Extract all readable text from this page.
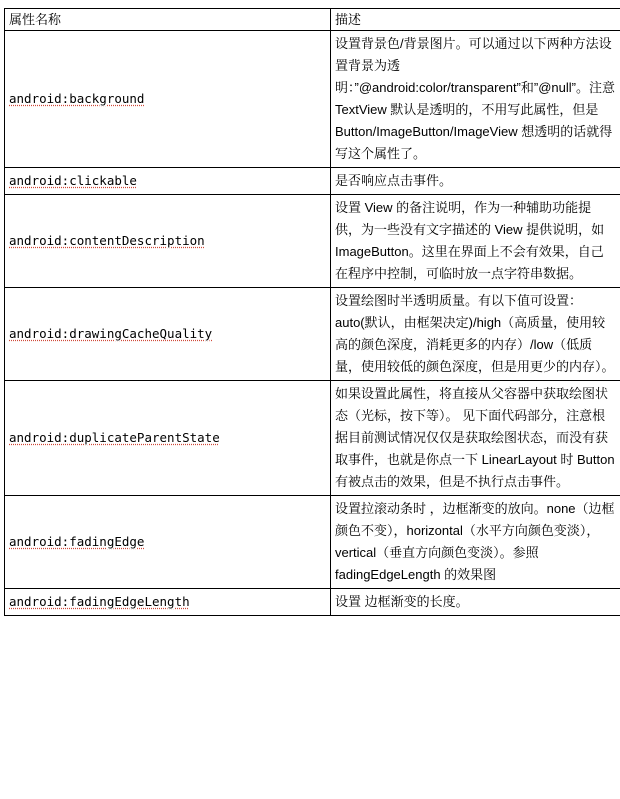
属性名称	描述
android:background	设置背景色/背景图片。可以通过以下两种方法设置背景为透明：”@android:color/transparent”和”@null”。注意 TextView 默认是透明的，不用写此属性，但是 Button/ImageButton/ImageView 想透明的话就得写这个属性了。
android:clickable	是否响应点击事件。
android:contentDescription	设置 View 的备注说明，作为一种辅助功能提供，为一些没有文字描述的 View 提供说明，如 ImageButton。这里在界面上不会有效果，自己在程序中控制，可临时放一点字符串数据。
android:drawingCacheQuality	设置绘图时半透明质量。有以下值可设置：auto(默认，由框架决定)/high（高质量，使用较高的颜色深度，消耗更多的内存）/low（低质量，使用较低的颜色深度，但是用更少的内存）。
android:duplicateParentState	如果设置此属性，将直接从父容器中获取绘图状态（光标，按下等）。 见下面代码部分，注意根据目前测试情况仅仅是获取绘图状态，而没有获取事件，也就是你点一下 LinearLayout 时 Button 有被点击的效果，但是不执行点击事件。
android:fadingEdge	设置拉滚动条时 ，边框渐变的放向。none（边框颜色不变），horizontal（水平方向颜色变淡），vertical（垂直方向颜色变淡）。参照 fadingEdgeLength 的效果图
android:fadingEdgeLength	设置 边框渐变的长度。
